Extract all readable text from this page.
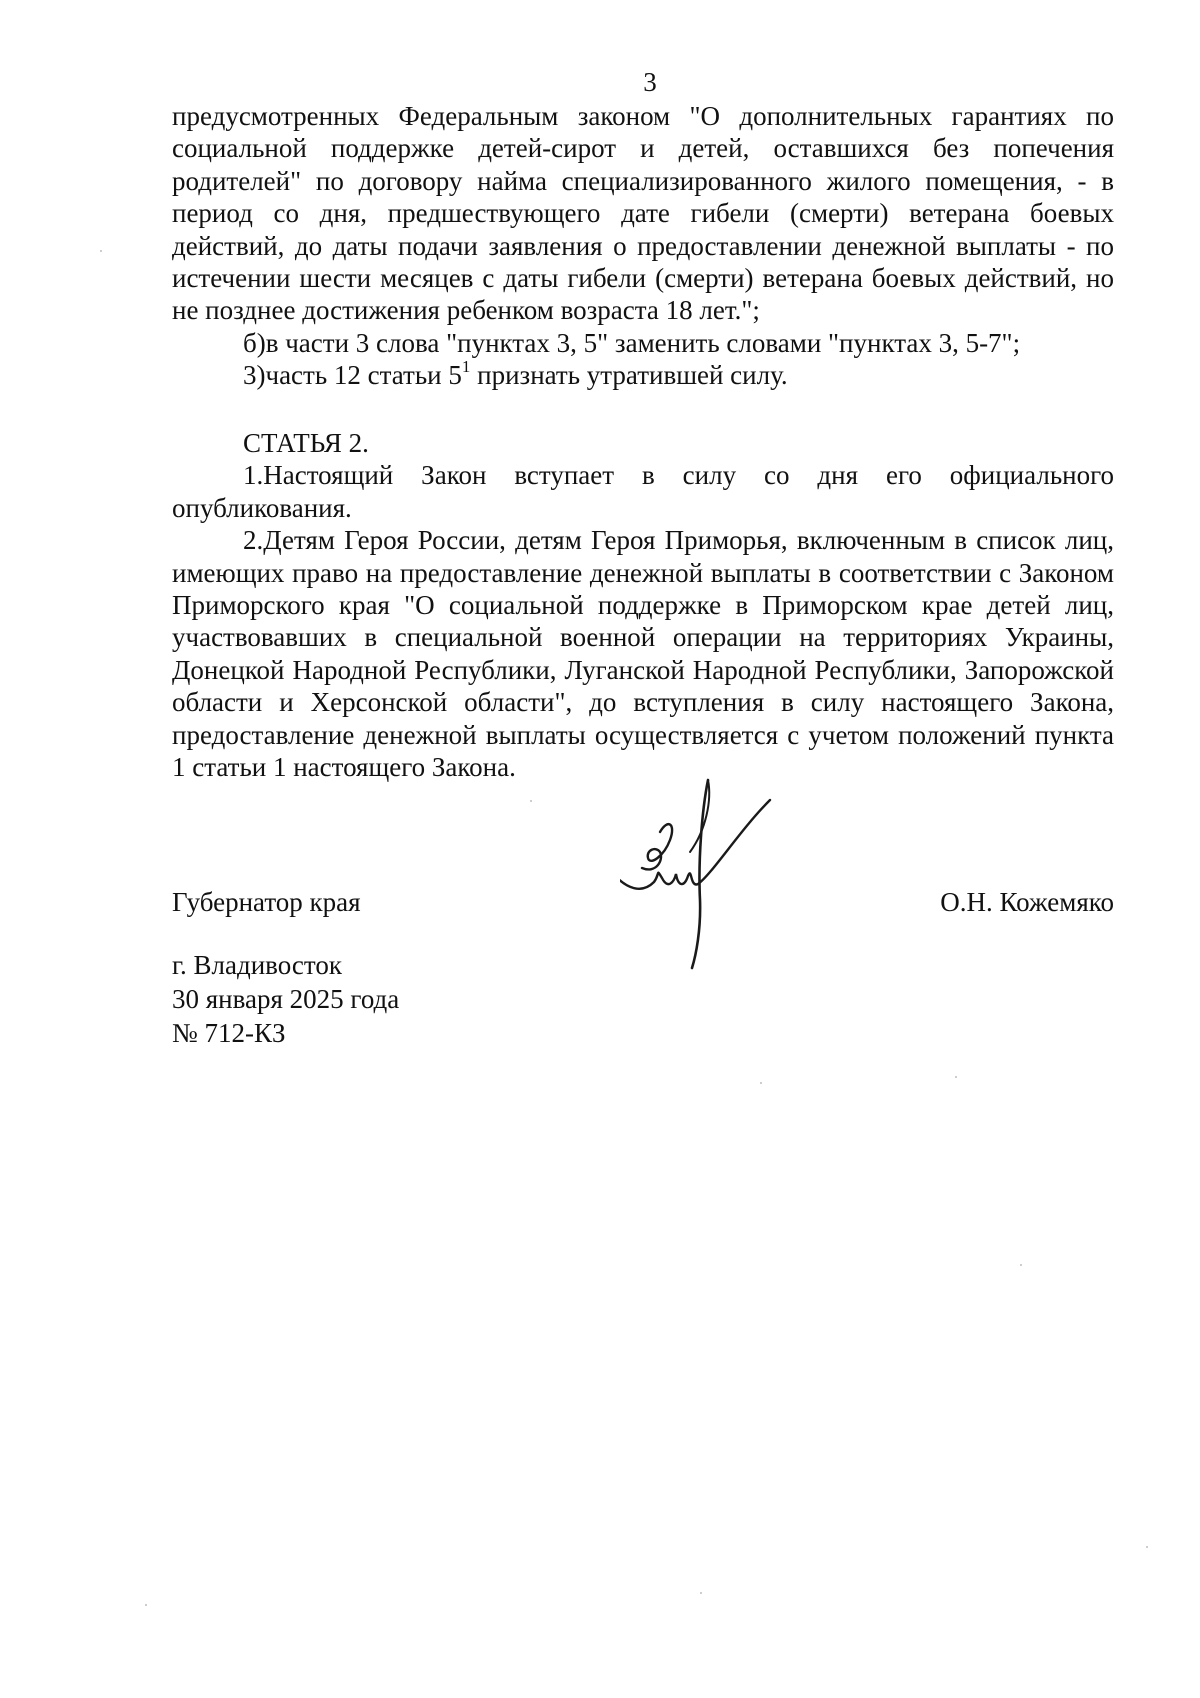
3

предусмотренных Федеральным законом "О дополнительных гарантиях по социальной поддержке детей-сирот и детей, оставшихся без попечения родителей" по договору найма специализированного жилого помещения, - в период со дня, предшествующего дате гибели (смерти) ветерана боевых действий, до даты подачи заявления о предоставлении денежной выплаты - по истечении шести месяцев с даты гибели (смерти) ветерана боевых действий, но не позднее достижения ребенком возраста 18 лет.";

б)в части 3 слова "пунктах 3, 5" заменить словами "пунктах 3, 5-7";

3)часть 12 статьи $5^1$ признать утратившей силу.

СТАТЬЯ 2.

1.Настоящий Закон вступает в силу со дня его официального опубликования.

2.Детям Героя России, детям Героя Приморья, включенным в список лиц, имеющих право на предоставление денежной выплаты в соответствии с Законом Приморского края "О социальной поддержке в Приморском крае детей лиц, участвовавших в специальной военной операции на территориях Украины, Донецкой Народной Республики, Луганской Народной Республики, Запорожской области и Херсонской области", до вступления в силу настоящего Закона, предоставление денежной выплаты осуществляется с учетом положений пункта 1 статьи 1 настоящего Закона.

Губернатор края	О.Н. Кожемяко
г. Владивосток
30 января 2025 года
№ 712-КЗ
